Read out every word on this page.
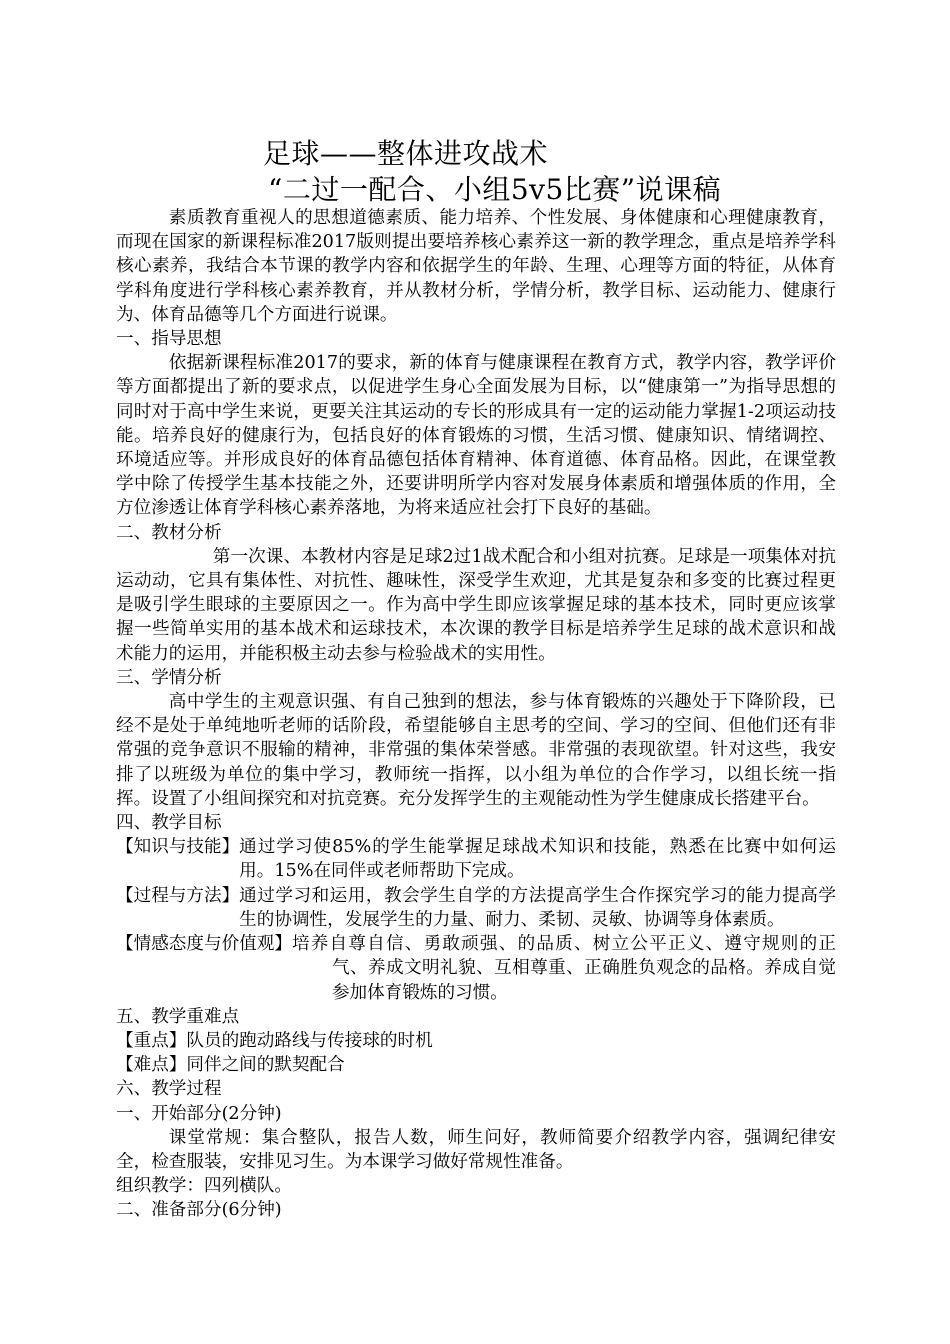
足球——整体进攻战术
“二过一配合、小组5v5比赛”说课稿

素质教育重视人的思想道德素质、能力培养、个性发展、身体健康和心理健康教育，而现在国家的新课程标准2017版则提出要培养核心素养这一新的教学理念，重点是培养学科核心素养，我结合本节课的教学内容和依据学生的年龄、生理、心理等方面的特征，从体育学科角度进行学科核心素养教育，并从教材分析，学情分析，教学目标、运动能力、健康行为、体育品德等几个方面进行说课。

一、指导思想

依据新课程标准2017的要求，新的体育与健康课程在教育方式，教学内容，教学评价等方面都提出了新的要求点，以促进学生身心全面发展为目标，以“健康第一”为指导思想的同时对于高中学生来说，更要关注其运动的专长的形成具有一定的运动能力掌握1-2项运动技能。培养良好的健康行为，包括良好的体育锻炼的习惯，生活习惯、健康知识、情绪调控、环境适应等。并形成良好的体育品德包括体育精神、体育道德、体育品格。因此，在课堂教学中除了传授学生基本技能之外，还要讲明所学内容对发展身体素质和增强体质的作用，全方位渗透让体育学科核心素养落地，为将来适应社会打下良好的基础。

二、教材分析

第一次课、本教材内容是足球2过1战术配合和小组对抗赛。足球是一项集体对抗运动动，它具有集体性、对抗性、趣味性，深受学生欢迎，尤其是复杂和多变的比赛过程更是吸引学生眼球的主要原因之一。作为高中学生即应该掌握足球的基本技术，同时更应该掌握一些简单实用的基本战术和运球技术，本次课的教学目标是培养学生足球的战术意识和战术能力的运用，并能积极主动去参与检验战术的实用性。

三、学情分析

高中学生的主观意识强、有自己独到的想法，参与体育锻炼的兴趣处于下降阶段，已经不是处于单纯地听老师的话阶段，希望能够自主思考的空间、学习的空间、但他们还有非常强的竞争意识不服输的精神，非常强的集体荣誉感。非常强的表现欲望。针对这些，我安排了以班级为单位的集中学习，教师统一指挥，以小组为单位的合作学习，以组长统一指挥。设置了小组间探究和对抗竞赛。充分发挥学生的主观能动性为学生健康成长搭建平台。

四、教学目标

【知识与技能】 通过学习使85%的学生能掌握足球战术知识和技能，熟悉在比赛中如何运用。15%在同伴或老师帮助下完成。
【过程与方法】 通过学习和运用，教会学生自学的方法提高学生合作探究学习的能力提高学生的协调性，发展学生的力量、耐力、柔韧、灵敏、协调等身体素质。
【情感态度与价值观】 培养自尊自信、勇敢顽强、的品质、树立公平正义、遵守规则的正气、养成文明礼貌、互相尊重、正确胜负观念的品格。养成自觉参加体育锻炼的习惯。

五、教学重难点

【重点】队员的跑动路线与传接球的时机

【难点】同伴之间的默契配合

六、教学过程

一、开始部分(2分钟)

课堂常规：集合整队，报告人数，师生问好，教师简要介绍教学内容，强调纪律安全，检查服装，安排见习生。为本课学习做好常规性准备。

组织教学：四列横队。

二、准备部分(6分钟)
